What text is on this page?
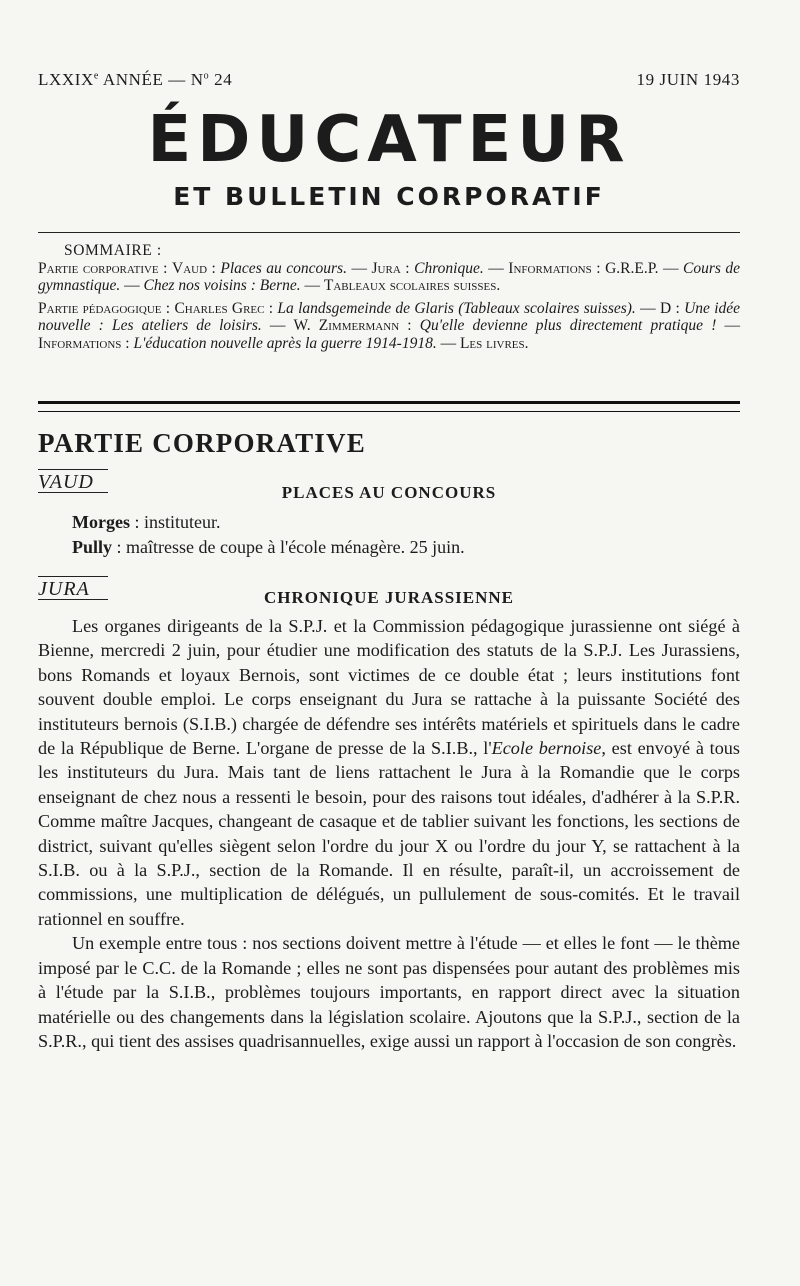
LXXIXe ANNÉE — $N^o$ 24	19 JUIN 1943
ÉDUCATEUR
ET BULLETIN CORPORATIF
SOMMAIRE :

Partie corporative : Vaud : Places au concours. — Jura : Chronique. — Informations : G.R.E.P. — Cours de gymnastique. — Chez nos voisins : Berne. — Tableaux scolaires suisses.

Partie pédagogique : Charles Grec : La landsgemeinde de Glaris (Tableaux scolaires suisses). — D : Une idée nouvelle : Les ateliers de loisirs. — W. Zimmermann : Qu'elle devienne plus directement pratique ! — Informations : L'éducation nouvelle après la guerre 1914-1918. — Les livres.

PARTIE CORPORATIVE
VAUD	PLACES AU CONCOURS
Morges : instituteur.
Pully : maîtresse de coupe à l'école ménagère. 25 juin.
JURA	CHRONIQUE JURASSIENNE

Les organes dirigeants de la S.P.J. et la Commission pédagogique jurassienne ont siégé à Bienne, mercredi 2 juin, pour étudier une modification des statuts de la S.P.J. Les Jurassiens, bons Romands et loyaux Bernois, sont victimes de ce double état ; leurs institutions font souvent double emploi. Le corps enseignant du Jura se rattache à la puissante Société des instituteurs bernois (S.I.B.) chargée de défendre ses intérêts matériels et spirituels dans le cadre de la République de Berne. L'organe de presse de la S.I.B., l'Ecole bernoise, est envoyé à tous les instituteurs du Jura. Mais tant de liens rattachent le Jura à la Romandie que le corps enseignant de chez nous a ressenti le besoin, pour des raisons tout idéales, d'adhérer à la S.P.R. Comme maître Jacques, changeant de casaque et de tablier suivant les fonctions, les sections de district, suivant qu'elles siègent selon l'ordre du jour X ou l'ordre du jour Y, se rattachent à la S.I.B. ou à la S.P.J., section de la Romande. Il en résulte, paraît-il, un accroissement de commissions, une multiplication de délégués, un pullulement de sous-comités. Et le travail rationnel en souffre.

Un exemple entre tous : nos sections doivent mettre à l'étude — et elles le font — le thème imposé par le C.C. de la Romande ; elles ne sont pas dispensées pour autant des problèmes mis à l'étude par la S.I.B., problèmes toujours importants, en rapport direct avec la situation matérielle ou des changements dans la législation scolaire. Ajoutons que la S.P.J., section de la S.P.R., qui tient des assises quadrisannuelles, exige aussi un rapport à l'occasion de son congrès.
